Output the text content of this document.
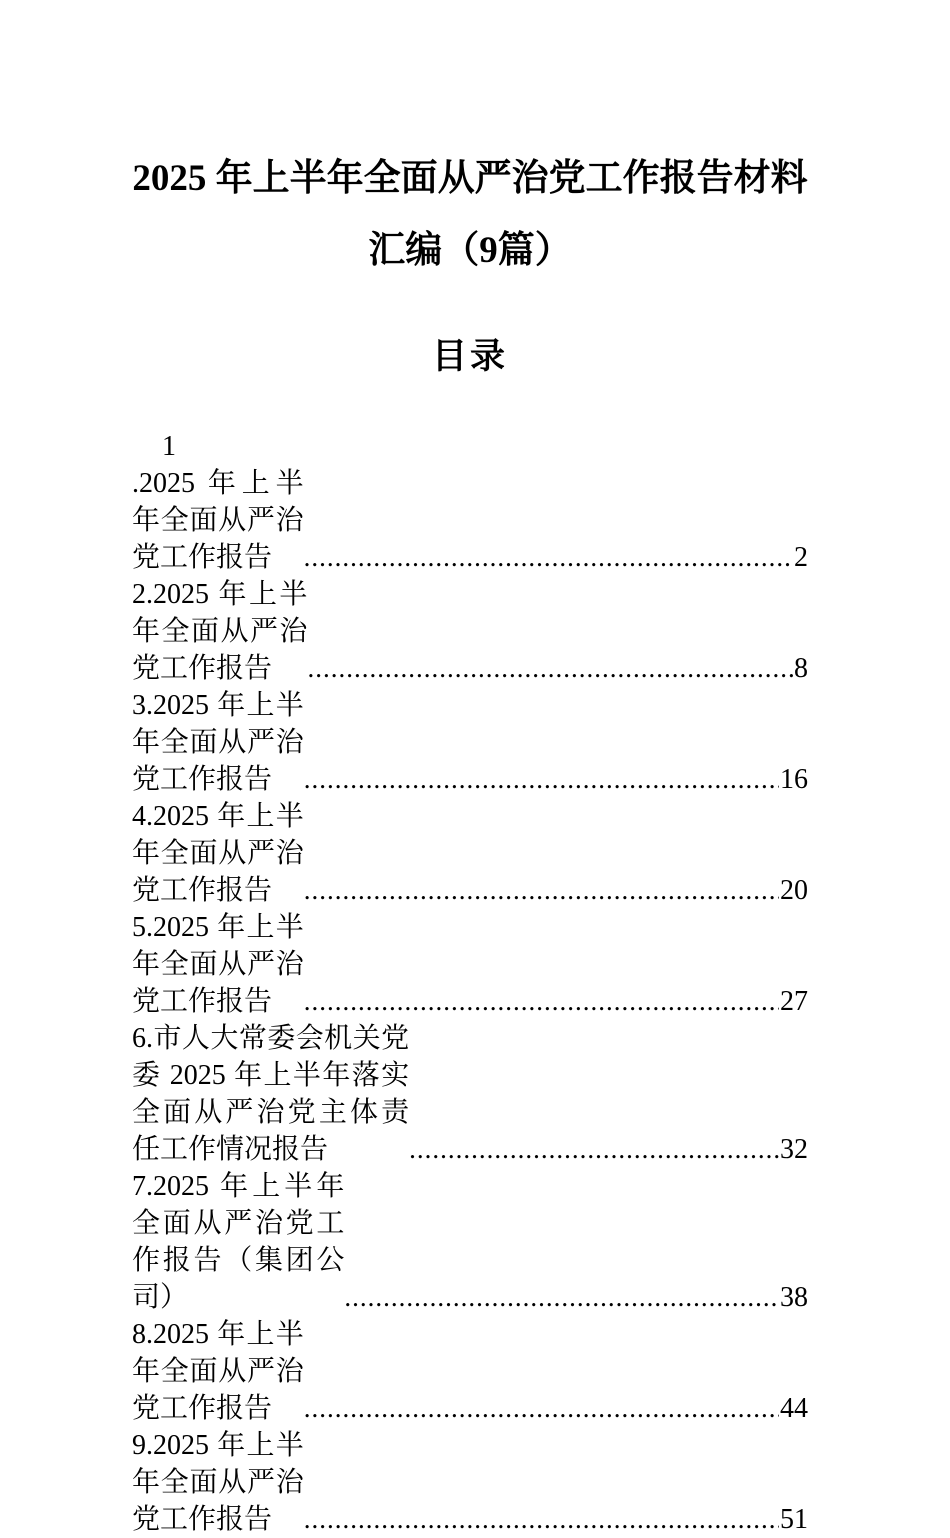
2025 年上半年全面从严治党工作报告材料
汇编（9篇）
目录
1
.2025 年上半年全面从严治党工作报告 .....	2
2.2025 年上半年全面从严治党工作报告 .....	8
3.2025 年上半年全面从严治党工作报告 .....	16
4.2025 年上半年全面从严治党工作报告 .....	20
5.2025 年上半年全面从严治党工作报告 .....	27
6.市人大常委会机关党委 2025 年上半年落实全面从严治党主体责任工作情况报告 .....	32
7.2025 年上半年全面从严治党工作报告（集团公司） .....	38
8.2025 年上半年全面从严治党工作报告 .....	44
9.2025 年上半年全面从严治党工作报告 .....	51
